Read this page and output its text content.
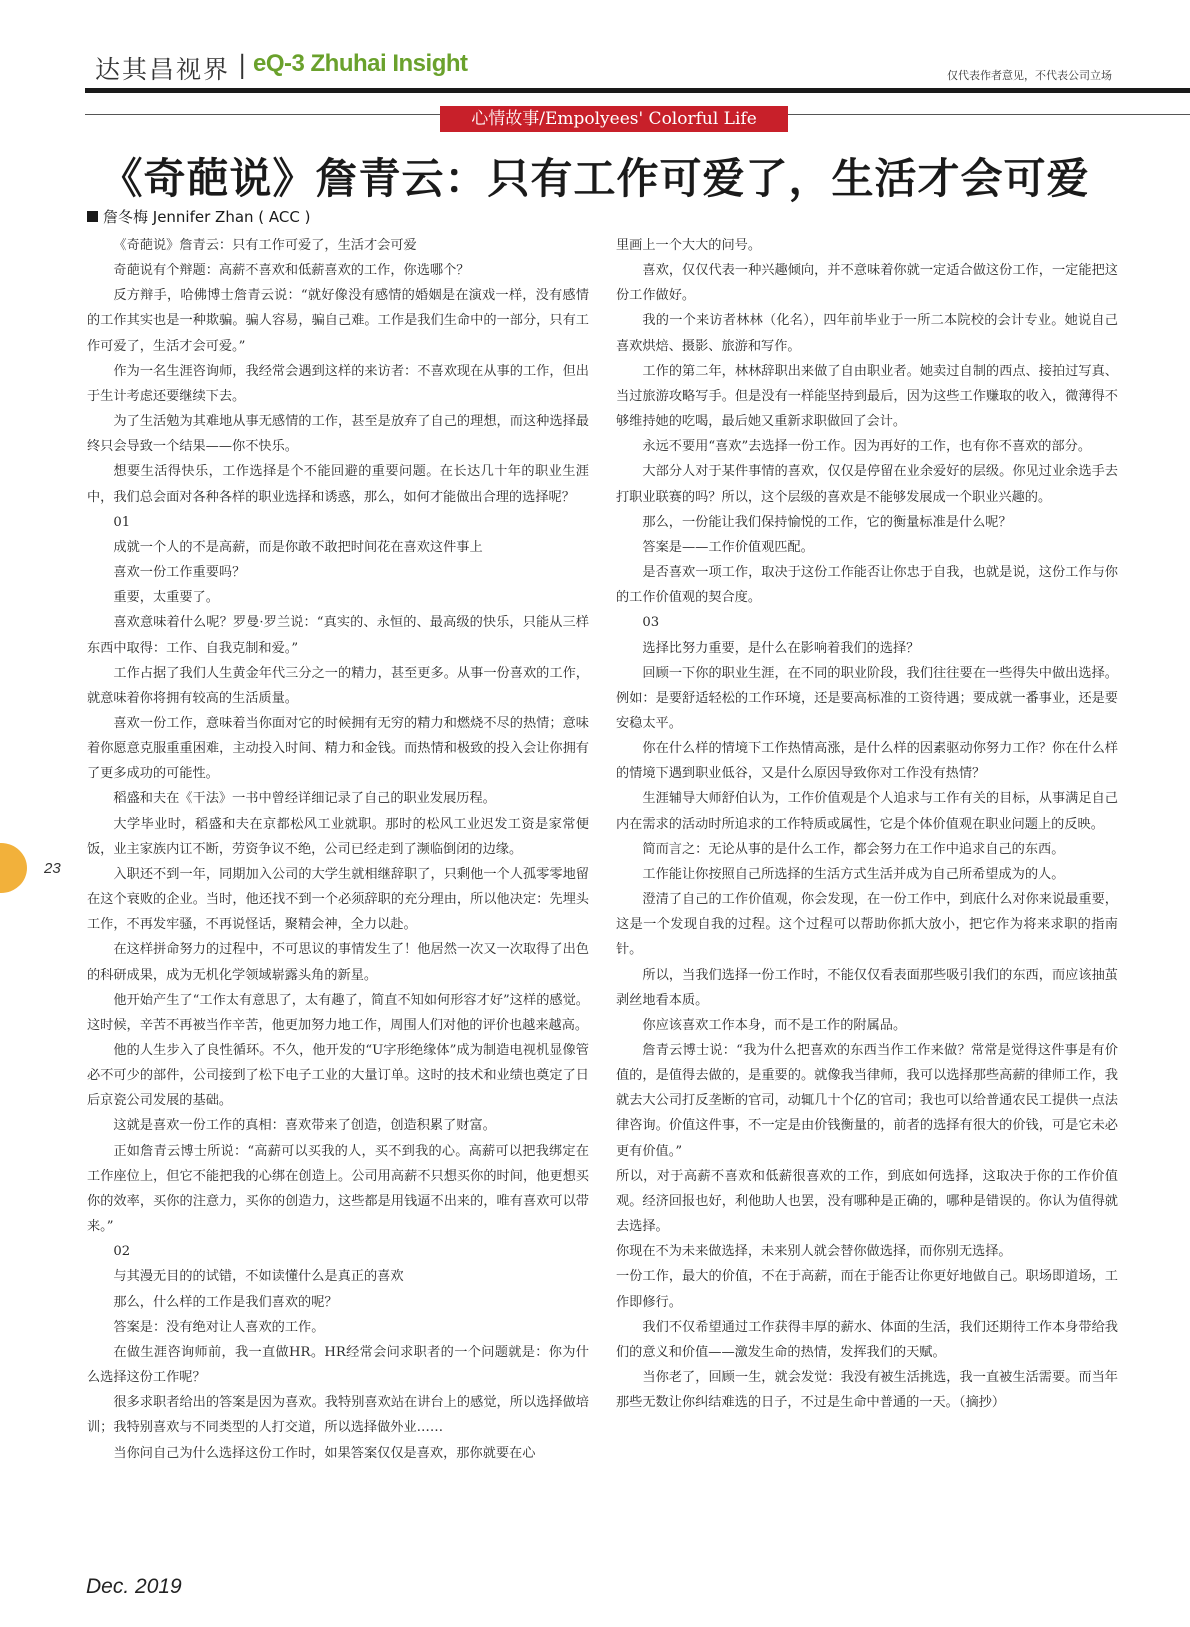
达其昌视界 | eQ-3 Zhuhai Insight	仅代表作者意见，不代表公司立场
心情故事/Empolyees' Colorful Life
《奇葩说》詹青云：只有工作可爱了，生活才会可爱
詹冬梅 Jennifer Zhan ( ACC )

《奇葩说》詹青云：只有工作可爱了，生活才会可爱

奇葩说有个辩题：高薪不喜欢和低薪喜欢的工作，你选哪个？

反方辩手，哈佛博士詹青云说：“就好像没有感情的婚姻是在演戏一样，没有感情的工作其实也是一种欺骗。骗人容易，骗自己难。工作是我们生命中的一部分，只有工作可爱了，生活才会可爱。”

作为一名生涯咨询师，我经常会遇到这样的来访者：不喜欢现在从事的工作，但出于生计考虑还要继续下去。

为了生活勉为其难地从事无感情的工作，甚至是放弃了自己的理想，而这种选择最终只会导致一个结果——你不快乐。

想要生活得快乐，工作选择是个不能回避的重要问题。在长达几十年的职业生涯中，我们总会面对各种各样的职业选择和诱惑，那么，如何才能做出合理的选择呢？

01

成就一个人的不是高薪，而是你敢不敢把时间花在喜欢这件事上

喜欢一份工作重要吗？

重要，太重要了。

喜欢意味着什么呢？罗曼·罗兰说：“真实的、永恒的、最高级的快乐，只能从三样东西中取得：工作、自我克制和爱。”

工作占据了我们人生黄金年代三分之一的精力，甚至更多。从事一份喜欢的工作，就意味着你将拥有较高的生活质量。

喜欢一份工作，意味着当你面对它的时候拥有无穷的精力和燃烧不尽的热情；意味着你愿意克服重重困难，主动投入时间、精力和金钱。而热情和极致的投入会让你拥有了更多成功的可能性。

稻盛和夫在《干法》一书中曾经详细记录了自己的职业发展历程。

大学毕业时，稻盛和夫在京都松风工业就职。那时的松风工业迟发工资是家常便饭，业主家族内讧不断，劳资争议不绝，公司已经走到了濒临倒闭的边缘。

入职还不到一年，同期加入公司的大学生就相继辞职了，只剩他一个人孤零零地留在这个衰败的企业。当时，他还找不到一个必须辞职的充分理由，所以他决定：先埋头工作，不再发牢骚，不再说怪话，聚精会神，全力以赴。

在这样拼命努力的过程中，不可思议的事情发生了！他居然一次又一次取得了出色的科研成果，成为无机化学领域崭露头角的新星。

他开始产生了“工作太有意思了，太有趣了，简直不知如何形容才好”这样的感觉。这时候，辛苦不再被当作辛苦，他更加努力地工作，周围人们对他的评价也越来越高。

他的人生步入了良性循环。不久，他开发的“U字形绝缘体”成为制造电视机显像管必不可少的部件，公司接到了松下电子工业的大量订单。这时的技术和业绩也奠定了日后京瓷公司发展的基础。

这就是喜欢一份工作的真相：喜欢带来了创造，创造积累了财富。

正如詹青云博士所说：“高薪可以买我的人，买不到我的心。高薪可以把我绑定在工作座位上，但它不能把我的心绑在创造上。公司用高薪不只想买你的时间，他更想买你的效率，买你的注意力，买你的创造力，这些都是用钱逼不出来的，唯有喜欢可以带来。”

02

与其漫无目的的试错，不如读懂什么是真正的喜欢

那么，什么样的工作是我们喜欢的呢？

答案是：没有绝对让人喜欢的工作。

在做生涯咨询师前，我一直做HR。HR经常会问求职者的一个问题就是：你为什么选择这份工作呢？

很多求职者给出的答案是因为喜欢。我特别喜欢站在讲台上的感觉，所以选择做培训；我特别喜欢与不同类型的人打交道，所以选择做外业……

当你问自己为什么选择这份工作时，如果答案仅仅是喜欢，那你就要在心

里画上一个大大的问号。

喜欢，仅仅代表一种兴趣倾向，并不意味着你就一定适合做这份工作，一定能把这份工作做好。

我的一个来访者林林（化名），四年前毕业于一所二本院校的会计专业。她说自己喜欢烘焙、摄影、旅游和写作。

工作的第二年，林林辞职出来做了自由职业者。她卖过自制的西点、接拍过写真、当过旅游攻略写手。但是没有一样能坚持到最后，因为这些工作赚取的收入，微薄得不够维持她的吃喝，最后她又重新求职做回了会计。

永远不要用“喜欢”去选择一份工作。因为再好的工作，也有你不喜欢的部分。

大部分人对于某件事情的喜欢，仅仅是停留在业余爱好的层级。你见过业余选手去打职业联赛的吗？所以，这个层级的喜欢是不能够发展成一个职业兴趣的。

那么，一份能让我们保持愉悦的工作，它的衡量标准是什么呢？

答案是——工作价值观匹配。

是否喜欢一项工作，取决于这份工作能否让你忠于自我，也就是说，这份工作与你的工作价值观的契合度。

03

选择比努力重要，是什么在影响着我们的选择？

回顾一下你的职业生涯，在不同的职业阶段，我们往往要在一些得失中做出选择。例如：是要舒适轻松的工作环境，还是要高标准的工资待遇；要成就一番事业，还是要安稳太平。

你在什么样的情境下工作热情高涨，是什么样的因素驱动你努力工作？你在什么样的情境下遇到职业低谷，又是什么原因导致你对工作没有热情？

生涯辅导大师舒伯认为，工作价值观是个人追求与工作有关的目标，从事满足自己内在需求的活动时所追求的工作特质或属性，它是个体价值观在职业问题上的反映。

简而言之：无论从事的是什么工作，都会努力在工作中追求自己的东西。

工作能让你按照自己所选择的生活方式生活并成为自己所希望成为的人。

澄清了自己的工作价值观，你会发现，在一份工作中，到底什么对你来说最重要，这是一个发现自我的过程。这个过程可以帮助你抓大放小，把它作为将来求职的指南针。

所以，当我们选择一份工作时，不能仅仅看表面那些吸引我们的东西，而应该抽茧剥丝地看本质。

你应该喜欢工作本身，而不是工作的附属品。

詹青云博士说：“我为什么把喜欢的东西当作工作来做？常常是觉得这件事是有价值的，是值得去做的，是重要的。就像我当律师，我可以选择那些高薪的律师工作，我就去大公司打反垄断的官司，动辄几十个亿的官司；我也可以给普通农民工提供一点法律咨询。价值这件事，不一定是由价钱衡量的，前者的选择有很大的价钱，可是它未必更有价值。”

所以，对于高薪不喜欢和低薪很喜欢的工作，到底如何选择，这取决于你的工作价值观。经济回报也好，利他助人也罢，没有哪种是正确的，哪种是错误的。你认为值得就去选择。

你现在不为未来做选择，未来别人就会替你做选择，而你别无选择。

一份工作，最大的价值，不在于高薪，而在于能否让你更好地做自己。职场即道场，工作即修行。

我们不仅希望通过工作获得丰厚的薪水、体面的生活，我们还期待工作本身带给我们的意义和价值——激发生命的热情，发挥我们的天赋。

当你老了，回顾一生，就会发觉：我没有被生活挑选，我一直被生活需要。而当年那些无数让你纠结难选的日子，不过是生命中普通的一天。（摘抄）

23
Dec. 2019
